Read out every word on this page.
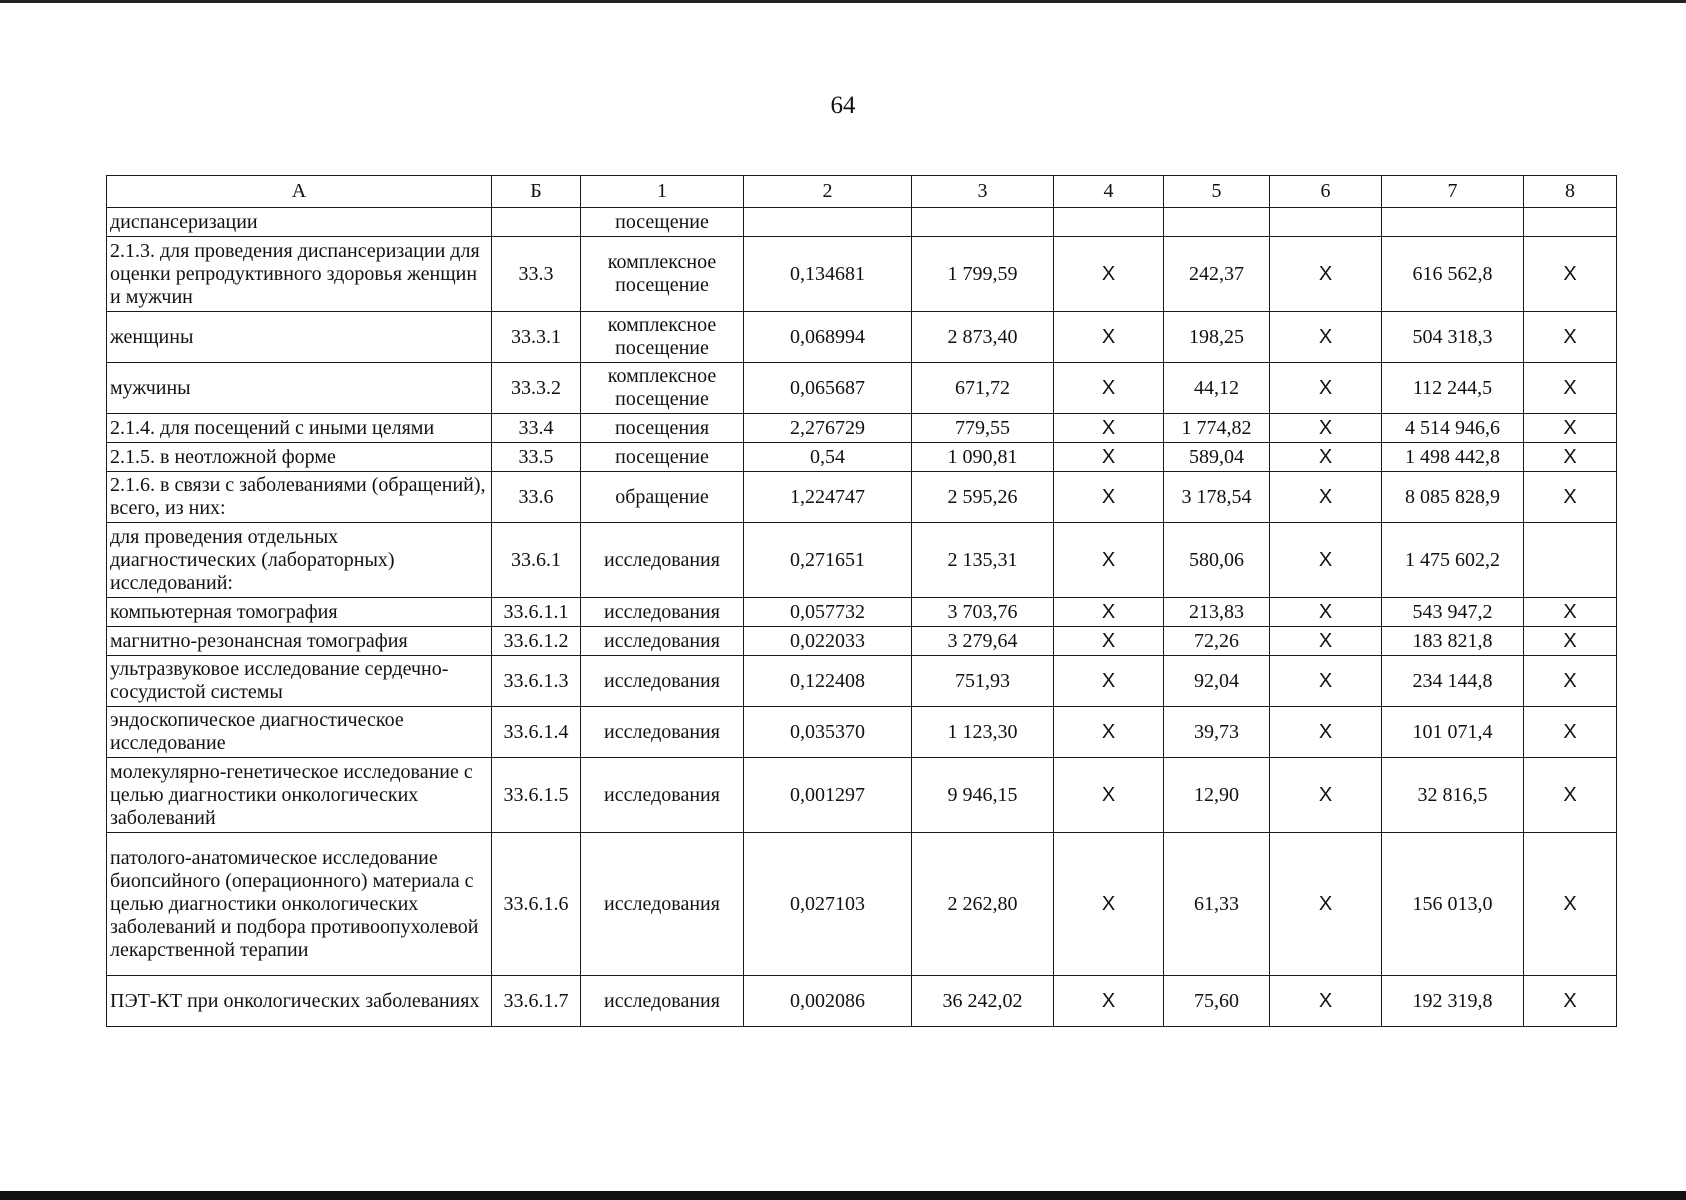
64
А	Б	1	2	3	4	5	6	7	8
диспансеризации		посещение							
2.1.3. для проведения диспансеризации для оценки репродуктивного здоровья женщин и мужчин	33.3	комплексное посещение	0,134681	1 799,59	Х	242,37	Х	616 562,8	Х
женщины	33.3.1	комплексное посещение	0,068994	2 873,40	Х	198,25	Х	504 318,3	Х
мужчины	33.3.2	комплексное посещение	0,065687	671,72	Х	44,12	Х	112 244,5	Х
2.1.4. для посещений с иными целями	33.4	посещения	2,276729	779,55	Х	1 774,82	Х	4 514 946,6	Х
2.1.5. в неотложной форме	33.5	посещение	0,54	1 090,81	Х	589,04	Х	1 498 442,8	Х
2.1.6. в связи с заболеваниями (обращений), всего, из них:	33.6	обращение	1,224747	2 595,26	Х	3 178,54	Х	8 085 828,9	Х
для проведения отдельных диагностических (лабораторных) исследований:	33.6.1	исследования	0,271651	2 135,31	Х	580,06	Х	1 475 602,2	
компьютерная томография	33.6.1.1	исследования	0,057732	3 703,76	Х	213,83	Х	543 947,2	Х
магнитно-резонансная томография	33.6.1.2	исследования	0,022033	3 279,64	Х	72,26	Х	183 821,8	Х
ультразвуковое исследование сердечно-сосудистой системы	33.6.1.3	исследования	0,122408	751,93	Х	92,04	Х	234 144,8	Х
эндоскопическое диагностическое исследование	33.6.1.4	исследования	0,035370	1 123,30	Х	39,73	Х	101 071,4	Х
молекулярно-генетическое исследование с целью диагностики онкологических заболеваний	33.6.1.5	исследования	0,001297	9 946,15	Х	12,90	Х	32 816,5	Х
патолого-анатомическое исследование биопсийного (операционного) материала с целью диагностики онкологических заболеваний и подбора противоопухолевой лекарственной терапии	33.6.1.6	исследования	0,027103	2 262,80	Х	61,33	Х	156 013,0	Х
ПЭТ-КТ при онкологических заболеваниях	33.6.1.7	исследования	0,002086	36 242,02	Х	75,60	Х	192 319,8	Х
